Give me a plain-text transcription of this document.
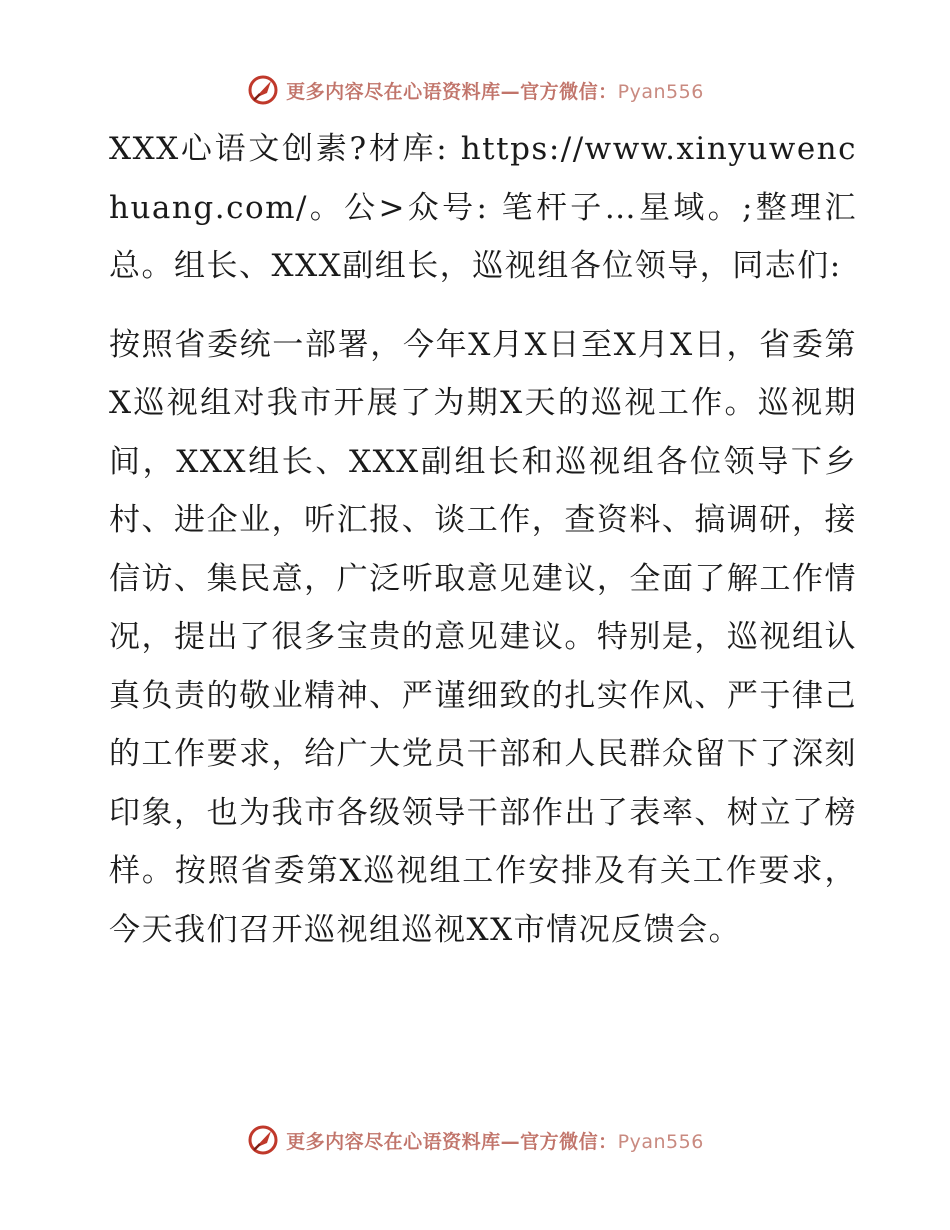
更多内容尽在心语资料库—官方微信：Pyan556

XXX心语文创素?材库: https://www.xinyuwenchuang.com/。公>众号: 笔杆子…星域。;整理汇总。组长、XXX副组长，巡视组各位领导，同志们:

按照省委统一部署，今年X月X日至X月X日，省委第X巡视组对我市开展了为期X天的巡视工作。巡视期间，XXX组长、XXX副组长和巡视组各位领导下乡村、进企业，听汇报、谈工作，查资料、搞调研，接信访、集民意，广泛听取意见建议，全面了解工作情况，提出了很多宝贵的意见建议。特别是，巡视组认真负责的敬业精神、严谨细致的扎实作风、严于律己的工作要求，给广大党员干部和人民群众留下了深刻印象，也为我市各级领导干部作出了表率、树立了榜样。按照省委第X巡视组工作安排及有关工作要求，今天我们召开巡视组巡视XX市情况反馈会。

更多内容尽在心语资料库—官方微信：Pyan556
